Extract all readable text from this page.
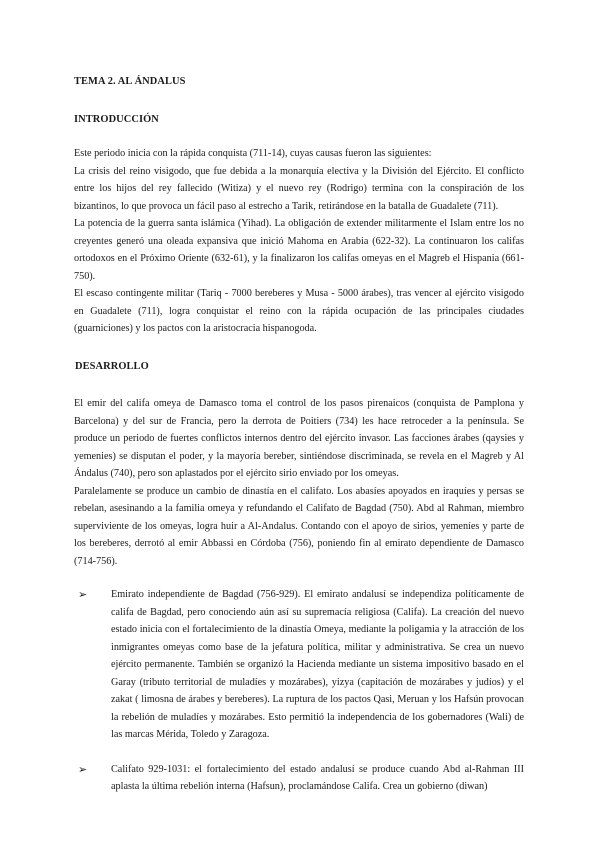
TEMA 2. AL ÁNDALUS

INTRODUCCIÓN

Este periodo inicia con la rápida conquista (711-14), cuyas causas fueron las siguientes:

La crisis del reino visigodo, que fue debida a la monarquía electiva y la División del Ejército. El conflicto entre los hijos del rey fallecido (Witiza) y el nuevo rey (Rodrigo) termina con la conspiración de los bizantinos, lo que provoca un fácil paso al estrecho a Tarik, retirándose en la batalla de Guadalete (711).

La potencia de la guerra santa islámica (Yihad). La obligación de extender militarmente el Islam entre los no creyentes generó una oleada expansiva que inició Mahoma en Arabia (622-32). La continuaron los califas ortodoxos en el Próximo Oriente (632-61), y la finalizaron los califas omeyas en el Magreb el Hispania (661-750).

El escaso contingente militar (Tariq - 7000 bereberes y Musa - 5000 árabes), tras vencer al ejército visigodo en Guadalete (711), logra conquistar el reino con la rápida ocupación de las principales ciudades (guarniciones) y los pactos con la aristocracia hispanogoda.

DESARROLLO

El emir del califa omeya de Damasco toma el control de los pasos pirenaicos (conquista de Pamplona y Barcelona) y del sur de Francia, pero la derrota de Poitiers (734) les hace retroceder a la península. Se produce un periodo de fuertes conflictos internos dentro del ejército invasor. Las facciones árabes (qaysies y yemenies) se disputan el poder, y la mayoría bereber, sintiéndose discriminada, se revela en el Magreb y Al Ándalus (740), pero son aplastados por el ejército sirio enviado por los omeyas.

Paralelamente se produce un cambio de dinastía en el califato. Los abasíes apoyados en iraquíes y persas se rebelan, asesinando a la familia omeya y refundando el Califato de Bagdad (750). Abd al Rahman, miembro superviviente de los omeyas, logra huir a Al-Andalus. Contando con el apoyo de sirios, yemeníes y parte de los bereberes, derrotó al emir Abbassi en Córdoba (756), poniendo fin al emirato dependiente de Damasco (714-756).

➢ Emirato independiente de Bagdad (756-929). El emirato andalusí se independiza políticamente de califa de Bagdad, pero conociendo aún así su supremacía religiosa (Califa). La creación del nuevo estado inicia con el fortalecimiento de la dinastía Omeya, mediante la poligamia y la atracción de los inmigrantes omeyas como base de la jefatura política, militar y administrativa. Se crea un nuevo ejército permanente. También se organizó la Hacienda mediante un sistema impositivo basado en el Garay (tributo territorial de muladíes y mozárabes), yizya (capitación de mozárabes y judíos) y el zakat ( limosna de árabes y bereberes). La ruptura de los pactos Qasi, Meruan y los Hafsún provocan la rebelión de muladíes y mozárabes. Esto permitió la independencia de los gobernadores (Wali) de las marcas Mérida, Toledo y Zaragoza.
➢ Califato 929-1031: el fortalecimiento del estado andalusí se produce cuando Abd al-Rahman III aplasta la última rebelión interna (Hafsun), proclamándose Califa. Crea un gobierno (diwan)
